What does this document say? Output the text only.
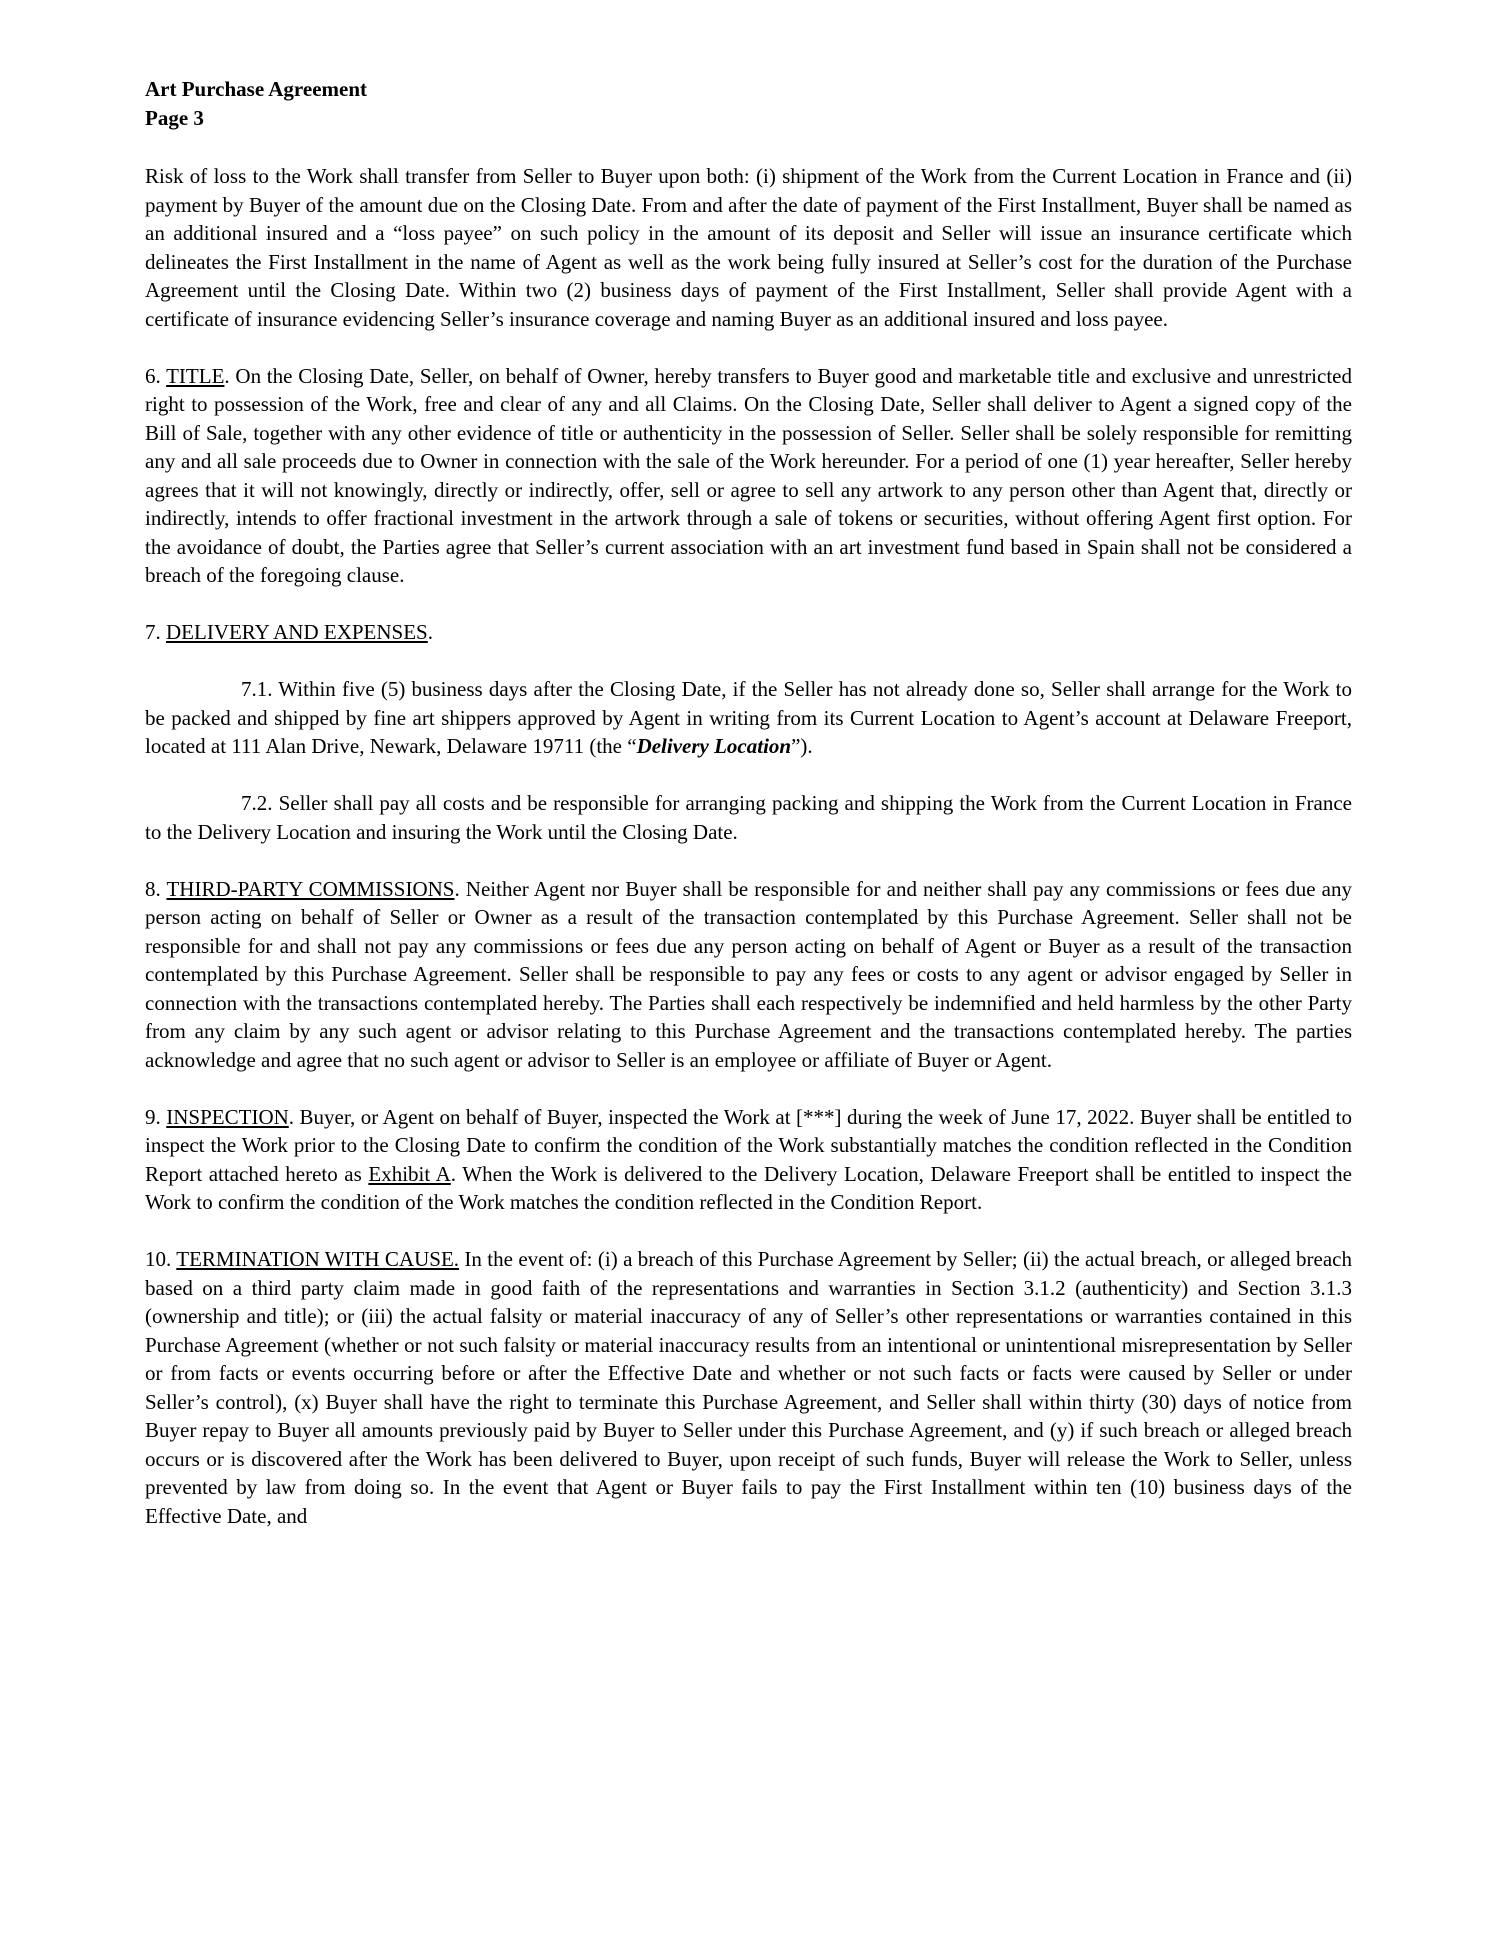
Art Purchase Agreement
Page 3

Risk of loss to the Work shall transfer from Seller to Buyer upon both: (i) shipment of the Work from the Current Location in France and (ii) payment by Buyer of the amount due on the Closing Date. From and after the date of payment of the First Installment, Buyer shall be named as an additional insured and a “loss payee” on such policy in the amount of its deposit and Seller will issue an insurance certificate which delineates the First Installment in the name of Agent as well as the work being fully insured at Seller’s cost for the duration of the Purchase Agreement until the Closing Date. Within two (2) business days of payment of the First Installment, Seller shall provide Agent with a certificate of insurance evidencing Seller’s insurance coverage and naming Buyer as an additional insured and loss payee.

6. TITLE. On the Closing Date, Seller, on behalf of Owner, hereby transfers to Buyer good and marketable title and exclusive and unrestricted right to possession of the Work, free and clear of any and all Claims. On the Closing Date, Seller shall deliver to Agent a signed copy of the Bill of Sale, together with any other evidence of title or authenticity in the possession of Seller. Seller shall be solely responsible for remitting any and all sale proceeds due to Owner in connection with the sale of the Work hereunder. For a period of one (1) year hereafter, Seller hereby agrees that it will not knowingly, directly or indirectly, offer, sell or agree to sell any artwork to any person other than Agent that, directly or indirectly, intends to offer fractional investment in the artwork through a sale of tokens or securities, without offering Agent first option. For the avoidance of doubt, the Parties agree that Seller’s current association with an art investment fund based in Spain shall not be considered a breach of the foregoing clause.

7. DELIVERY AND EXPENSES.

7.1. Within five (5) business days after the Closing Date, if the Seller has not already done so, Seller shall arrange for the Work to be packed and shipped by fine art shippers approved by Agent in writing from its Current Location to Agent’s account at Delaware Freeport, located at 111 Alan Drive, Newark, Delaware 19711 (the “Delivery Location”).

7.2. Seller shall pay all costs and be responsible for arranging packing and shipping the Work from the Current Location in France to the Delivery Location and insuring the Work until the Closing Date.

8. THIRD-PARTY COMMISSIONS. Neither Agent nor Buyer shall be responsible for and neither shall pay any commissions or fees due any person acting on behalf of Seller or Owner as a result of the transaction contemplated by this Purchase Agreement. Seller shall not be responsible for and shall not pay any commissions or fees due any person acting on behalf of Agent or Buyer as a result of the transaction contemplated by this Purchase Agreement. Seller shall be responsible to pay any fees or costs to any agent or advisor engaged by Seller in connection with the transactions contemplated hereby. The Parties shall each respectively be indemnified and held harmless by the other Party from any claim by any such agent or advisor relating to this Purchase Agreement and the transactions contemplated hereby. The parties acknowledge and agree that no such agent or advisor to Seller is an employee or affiliate of Buyer or Agent.

9. INSPECTION. Buyer, or Agent on behalf of Buyer, inspected the Work at [***] during the week of June 17, 2022. Buyer shall be entitled to inspect the Work prior to the Closing Date to confirm the condition of the Work substantially matches the condition reflected in the Condition Report attached hereto as Exhibit A. When the Work is delivered to the Delivery Location, Delaware Freeport shall be entitled to inspect the Work to confirm the condition of the Work matches the condition reflected in the Condition Report.

10. TERMINATION WITH CAUSE. In the event of: (i) a breach of this Purchase Agreement by Seller; (ii) the actual breach, or alleged breach based on a third party claim made in good faith of the representations and warranties in Section 3.1.2 (authenticity) and Section 3.1.3 (ownership and title); or (iii) the actual falsity or material inaccuracy of any of Seller’s other representations or warranties contained in this Purchase Agreement (whether or not such falsity or material inaccuracy results from an intentional or unintentional misrepresentation by Seller or from facts or events occurring before or after the Effective Date and whether or not such facts or facts were caused by Seller or under Seller’s control), (x) Buyer shall have the right to terminate this Purchase Agreement, and Seller shall within thirty (30) days of notice from Buyer repay to Buyer all amounts previously paid by Buyer to Seller under this Purchase Agreement, and (y) if such breach or alleged breach occurs or is discovered after the Work has been delivered to Buyer, upon receipt of such funds, Buyer will release the Work to Seller, unless prevented by law from doing so. In the event that Agent or Buyer fails to pay the First Installment within ten (10) business days of the Effective Date, and
